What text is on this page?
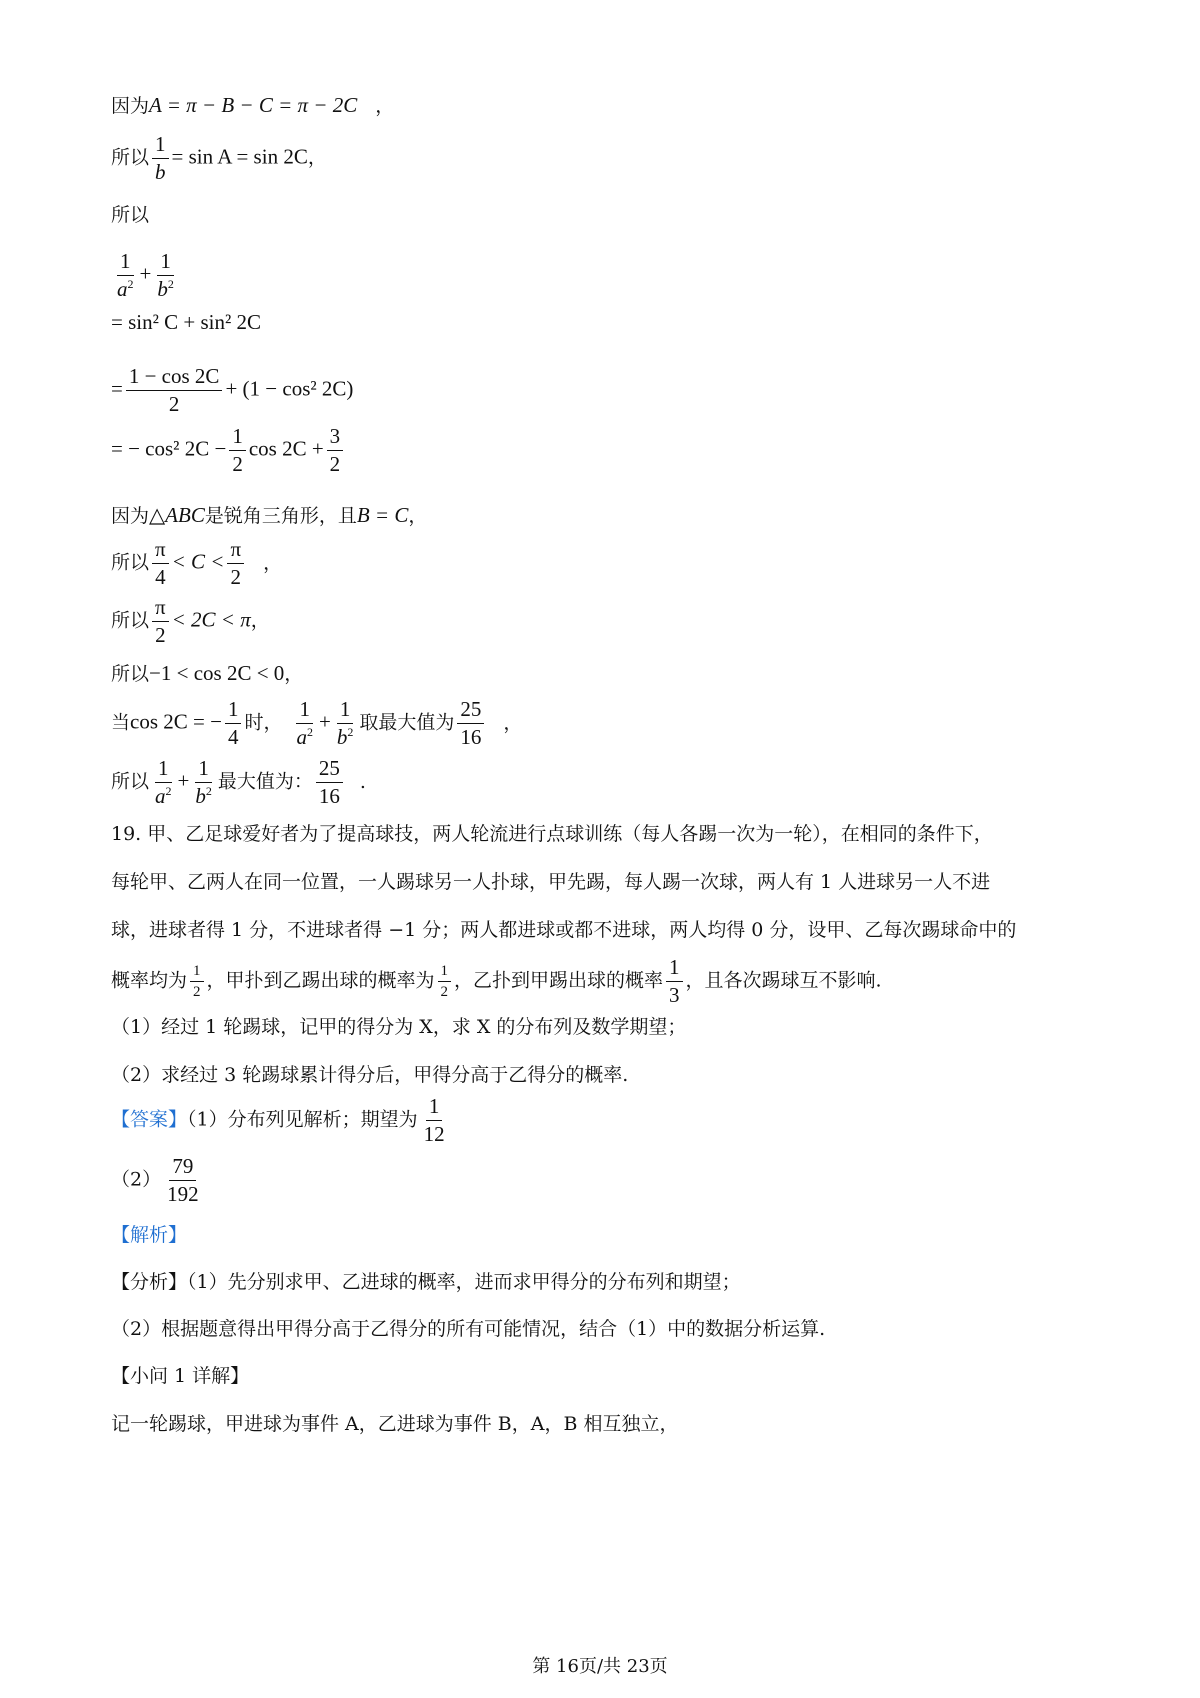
因为A = π − B − C = π − 2C ，
所以 $\frac{1}{b} = \sin A = \sin 2C$，
所以
$\frac{1}{a^2} + \frac{1}{b^2}$
= sin² C + sin² 2C
= $\frac{1 - \cos 2C}{2} + (1 - \cos^2$ 2C)
= − cos² $2C - \frac{1}{2}$ $\cos 2C + \frac{3}{2}$
因为△ABC是锐角三角形，且B = C，
所以 $\frac{\pi}{4} < C < \frac{\pi}{2}$ ，
所以 $\frac{\pi}{2} < 2C < \pi$，
所以−1 < cos 2C < 0，
当cos 2C = − $\frac{1}{4}$ 时， $\frac{1}{a^2} + \frac{1}{b^2}$ 取最大值为 $\frac{25}{16}$ ，
所以 $\frac{1}{a^2} + \frac{1}{b^2}$ 最大值为： $\frac{25}{16}$ .
19. 甲、乙足球爱好者为了提高球技，两人轮流进行点球训练（每人各踢一次为一轮），在相同的条件下，
每轮甲、乙两人在同一位置，一人踢球另一人扑球，甲先踢，每人踢一次球，两人有 1 人进球另一人不进
球，进球者得 1 分，不进球者得 −1 分；两人都进球或都不进球，两人均得 0 分，设甲、乙每次踢球命中的
概率均为 $\frac{1}{2}$ ，甲扑到乙踢出球的概率为 $\frac{1}{2}$ ，乙扑到甲踢出球的概率 $\frac{1}{3}$ ，且各次踢球互不影响.
（1）经过 1 轮踢球，记甲的得分为 X，求 X 的分布列及数学期望；
（2）求经过 3 轮踢球累计得分后，甲得分高于乙得分的概率.
【答案】（1）分布列见解析；期望为 $\frac{1}{12}$
$(2) \frac{79}{192}$
【解析】
【分析】（1）先分别求甲、乙进球的概率，进而求甲得分的分布列和期望；
（2）根据题意得出甲得分高于乙得分的所有可能情况，结合（1）中的数据分析运算.
【小问 1 详解】
记一轮踢球，甲进球为事件 A，乙进球为事件 B，A，B 相互独立，
第 16页/共 23页
